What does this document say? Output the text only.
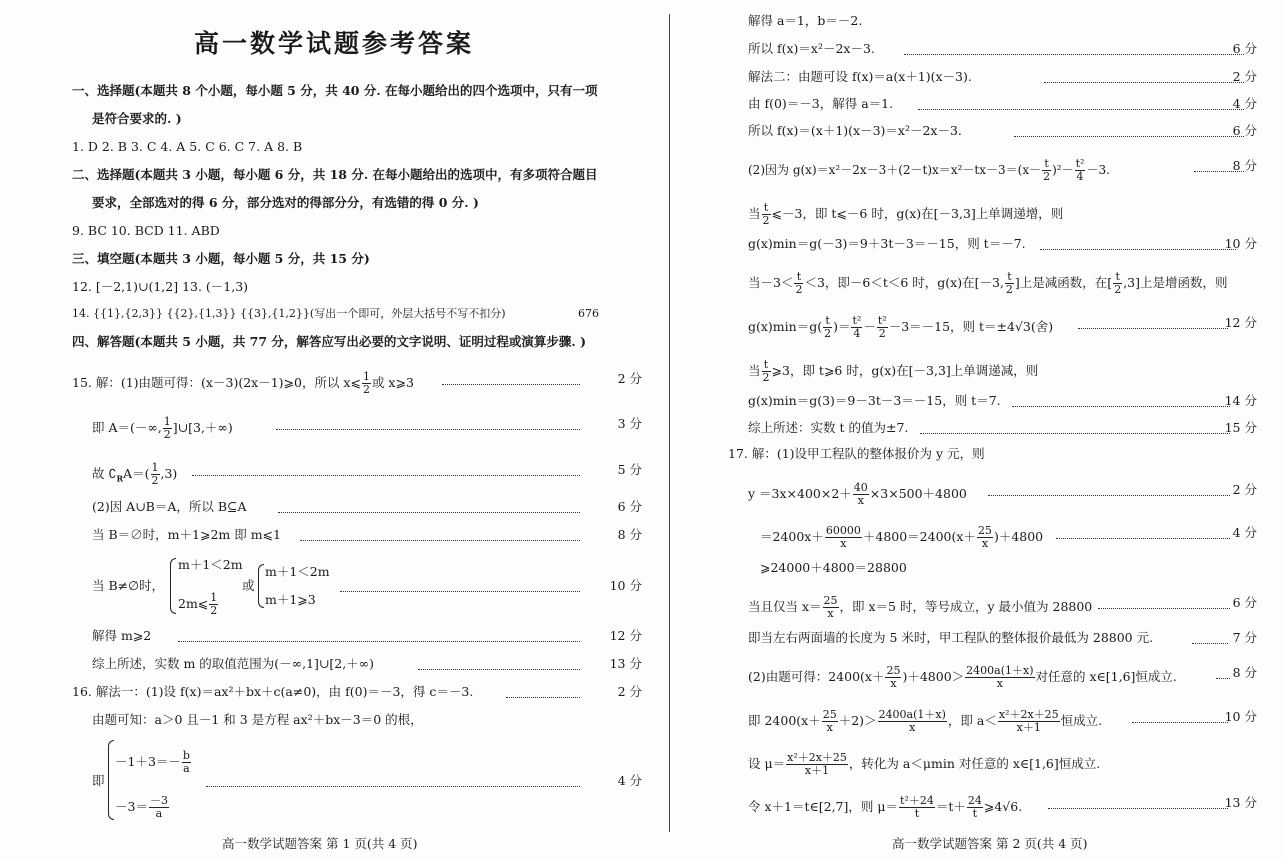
高一数学试题参考答案
一、选择题(本题共 8 个小题，每小题 5 分，共 40 分. 在每小题给出的四个选项中，只有一项
是符合要求的. )
1. D 2. B 3. C 4. A 5. C 6. C 7. A 8. B
二、选择题(本题共 3 小题，每小题 6 分，共 18 分. 在每小题给出的选项中，有多项符合题目
要求，全部选对的得 6 分，部分选对的得部分分，有选错的得 0 分. )
9. BC 10. BCD 11. ABD
三、填空题(本题共 3 小题，每小题 5 分，共 15 分)
12. [－2,1)∪(1,2] 13. (－1,3)
14. {{1},{2,3}} {{2},{1,3}} {{3},{1,2}}(写出一个即可，外层大括号不写不扣分)	676
四、解答题(本题共 5 小题，共 77 分，解答应写出必要的文字说明、证明过程或演算步骤. )
15. 解：(1)由题可得：(x－3)(2x－1)⩾0，所以 x⩽ $\frac{1}{2}$ 或 x⩾3	2 分
即 A＝(－∞, $\frac{1}{2}$ ]∪[3,＋∞)	3 分
故 $∁_RA=( \frac{1}{2} ,3)$	5 分
(2)因 A∪B＝A，所以 B⊆A	6 分
当 B＝∅时，m＋1⩾2m 即 m⩽1	8 分
当 B≠∅时，
m＋1＜2m
2m⩽ $\frac{1}{2}$
或
m＋1＜2m
m＋1⩾3
10 分
解得 m⩾2	12 分
综上所述，实数 m 的取值范围为(－∞,1]∪[2,＋∞)	13 分
16. 解法一：(1)设 f(x)＝ax²＋bx＋c(a≠0)，由 f(0)＝－3，得 c＝－3.	2 分
由题可知：a＞0 且－1 和 3 是方程 ax²＋bx－3＝0 的根，
即
$-1+3=- \frac{b}{a}$
$-3= \frac{-3}{a}$
4 分
高一数学试题答案 第 1 页(共 4 页)
解得 a＝1，b＝－2.
所以 f(x)＝x²－2x－3.	6 分
解法二：由题可设 f(x)＝a(x＋1)(x－3).	2 分
由 f(0)＝－3，解得 a＝1.	4 分
所以 f(x)＝(x＋1)(x－3)＝x²－2x－3.	6 分
(2)因为 $g(x)=x^2-2x-3+(2-t)x=x^2-tx-3=(x- \frac{t}{2} )^2- \frac{\text{t²}}{4} -3$.	8 分
当 $\frac{t}{2}$ ⩽－3，即 t⩽－6 时，g(x)在[－3,3]上单调递增，则
g(x)min＝g(－3)＝9＋3t－3＝－15，则 t＝－7.	10 分
当$-3< \frac{t}{2} <3$，即－6＜t＜6 时，g(x)在[－3, $\frac{t}{2}$ ]上是减函数，在[ $\frac{t}{2} ,3$]上是增函数，则
$g(x)\min=g( \frac{t}{2}$ )＝ $\frac{\text{t²}}{4} - \frac{\text{t²}}{2} -3=-15$，则 t＝±4√3(舍)	12 分
当 $\frac{t}{2}$ ⩾3，即 t⩾6 时，g(x)在[－3,3]上单调递减，则
g(x)min＝g(3)＝9－3t－3＝－15，则 t＝7.	14 分
综上所述：实数 t 的值为±7.	15 分
17. 解：(1)设甲工程队的整体报价为 y 元，则
$y =3x\times 400\times 2+ \frac{40}{x} \times 3\times 500+4800$	2 分
$=2400x+ \frac{60000}{x} +4800=2400(x+ \frac{25}{x} )+4800$	4 分
⩾24000＋4800＝28800
当且仅当 $x= \frac{25}{x}$ ，即 x＝5 时，等号成立，y 最小值为 28800	6 分
即当左右两面墙的长度为 5 米时，甲工程队的整体报价最低为 28800 元.	7 分
(2)由题可得：$2400(x+ \frac{25}{x} )+4800> \frac{2400a(1+x)}{x}$ 对任意的 x∈[1,6]恒成立.	8 分
即 $2400(x+ \frac{25}{x} +2)> \frac{2400a(1+x)}{x}$ ，即 $a< \frac{\text{x²＋2x＋25}}{x+1}$ 恒成立.	10 分
设 $\mu= \frac{\text{x²＋2x＋25}}{x+1}$ ，转化为 a＜μmin 对任意的 x∈[1,6]恒成立.
令 x＋1＝t∈[2,7]，则 $\mu= \frac{\text{t²＋24}}{t} =t+ \frac{24}{t}$ ⩾4√6.	13 分
高一数学试题答案 第 2 页(共 4 页)
